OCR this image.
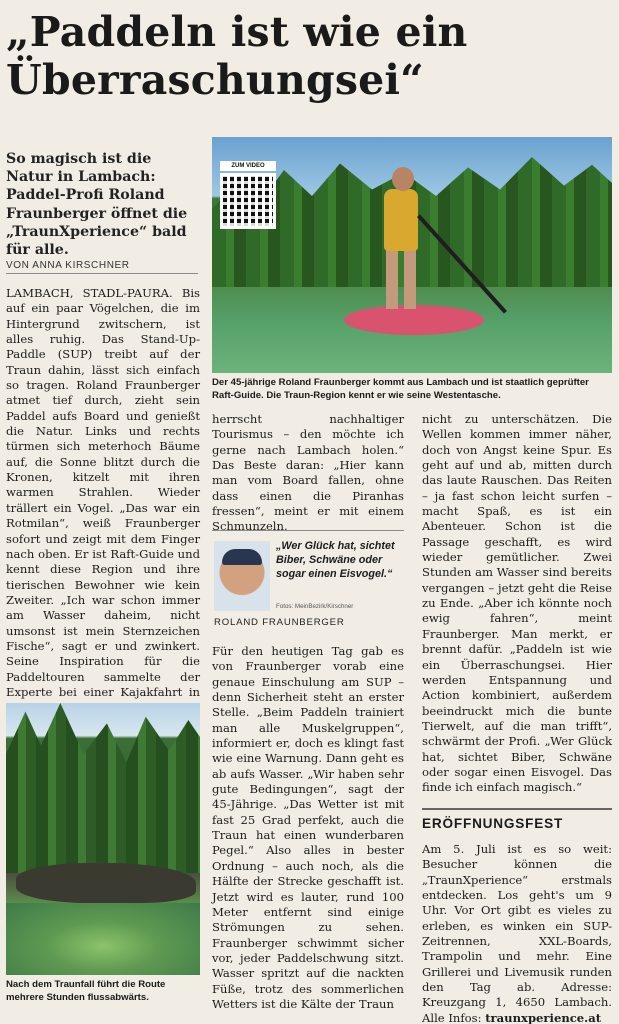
„Paddeln ist wie ein Überraschungsei“
So magisch ist die Natur in Lambach: Paddel-Profi Roland Fraunberger öffnet die „TraunXperience“ bald für alle.
VON ANNA KIRSCHNER

LAMBACH, STADL-PAURA. Bis auf ein paar Vögelchen, die im Hintergrund zwitschern, ist alles ruhig. Das Stand-Up-Paddle (SUP) treibt auf der Traun dahin, lässt sich einfach so tragen. Roland Fraunberger atmet tief durch, zieht sein Paddel aufs Board und genießt die Natur. Links und rechts türmen sich meterhoch Bäume auf, die Sonne blitzt durch die Kronen, kitzelt mit ihren warmen Strahlen. Wieder trällert ein Vogel. „Das war ein Rotmilan“, weiß Fraunberger sofort und zeigt mit dem Finger nach oben. Er ist Raft-Guide und kennt diese Region und ihre tierischen Bewohner wie kein Zweiter. „Ich war schon immer am Wasser daheim, nicht umsonst ist mein Sternzeichen Fische“, sagt er und zwinkert. Seine Inspiration für die Paddeltouren sammelte der Experte bei einer Kajakfahrt in

ZUM VIDEO
Der 45-jährige Roland Fraunberger kommt aus Lambach und ist staatlich geprüfter Raft-Guide. Die Traun-Region kennt er wie seine Westentasche.

herrscht nachhaltiger Tourismus – den möchte ich gerne nach Lambach holen.“ Das Beste daran: „Hier kann man vom Board fallen, ohne dass einen die Piranhas fressen“, meint er mit einem Schmunzeln.

„Wer Glück hat, sichtet Biber, Schwäne oder sogar einen Eisvogel.“
Fotos: MeinBezirk/Kirschner
ROLAND FRAUNBERGER

Für den heutigen Tag gab es von Fraunberger vorab eine genaue Einschulung am SUP – denn Sicherheit steht an erster Stelle. „Beim Paddeln trainiert man alle Muskelgruppen“, informiert er, doch es klingt fast wie eine Warnung. Dann geht es ab aufs Wasser. „Wir haben sehr gute Bedingungen“, sagt der 45-Jährige. „Das Wetter ist mit fast 25 Grad perfekt, auch die Traun hat einen wunderbaren Pegel.“ Also alles in bester Ordnung – auch noch, als die Hälfte der Strecke geschafft ist. Jetzt wird es lauter, rund 100 Meter entfernt sind einige Strömungen zu sehen. Fraunberger schwimmt sicher vor, jeder Paddelschwung sitzt. Wasser spritzt auf die nackten Füße, trotz des sommerlichen Wetters ist die Kälte der Traun

nicht zu unterschätzen. Die Wellen kommen immer näher, doch von Angst keine Spur. Es geht auf und ab, mitten durch das laute Rauschen. Das Reiten – ja fast schon leicht surfen – macht Spaß, es ist ein Abenteuer. Schon ist die Passage geschafft, es wird wieder gemütlicher. Zwei Stunden am Wasser sind bereits vergangen – jetzt geht die Reise zu Ende. „Aber ich könnte noch ewig fahren“, meint Fraunberger. Man merkt, er brennt dafür. „Paddeln ist wie ein Überraschungsei. Hier werden Entspannung und Action kombiniert, außerdem beeindruckt mich die bunte Tierwelt, auf die man trifft“, schwärmt der Profi. „Wer Glück hat, sichtet Biber, Schwäne oder sogar einen Eisvogel. Das finde ich einfach magisch.“

ERÖFFNUNGSFEST

Am 5. Juli ist es so weit: Besucher können die „TraunXperience“ erstmals entdecken. Los geht's um 9 Uhr. Vor Ort gibt es vieles zu erleben, es winken ein SUP-Zeitrennen, XXL-Boards, Trampolin und mehr. Eine Grillerei und Livemusik runden den Tag ab. Adresse: Kreuzgang 1, 4650 Lambach. Alle Infos: traunxperience.at

Nach dem Traunfall führt die Route mehrere Stunden flussabwärts.
